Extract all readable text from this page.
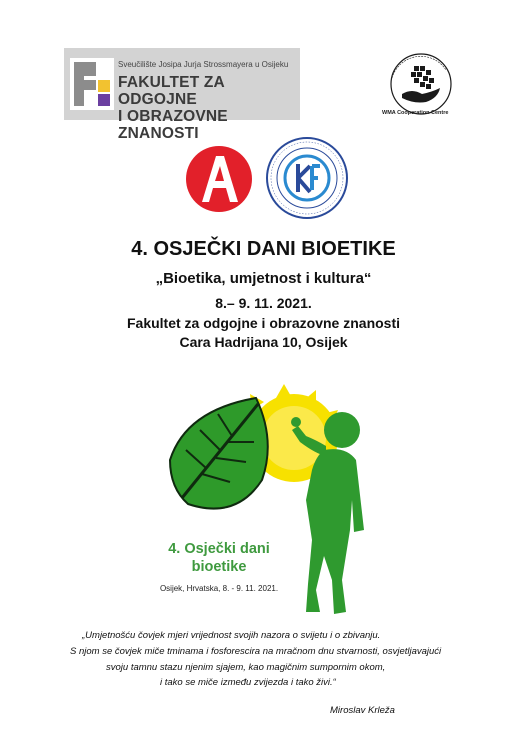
Sveučilište Josipa Jurja Strossmayera u Osijeku
FAKULTET ZA ODGOJNE
I OBRAZOVNE ZNANOSTI
WMA Cooperation Centre
4. OSJEČKI DANI BIOETIKE
„Bioetika, umjetnost i kultura“
8.– 9. 11. 2021.
Fakultet za odgojne i obrazovne znanosti
Cara Hadrijana 10, Osijek
4. Osječki dani
bioetike
Osijek, Hrvatska, 8. - 9. 11. 2021.
„Umjetnošću čovjek mjeri vrijednost svojih nazora o svijetu i o zbivanju.
S njom se čovjek miče tminama i fosforescira na mračnom dnu stvarnosti, osvjetljavajući
svoju tamnu stazu njenim sjajem, kao magičnim sumpornim okom,
i tako se miče između zvijezda i tako živi.“
Miroslav Krleža
